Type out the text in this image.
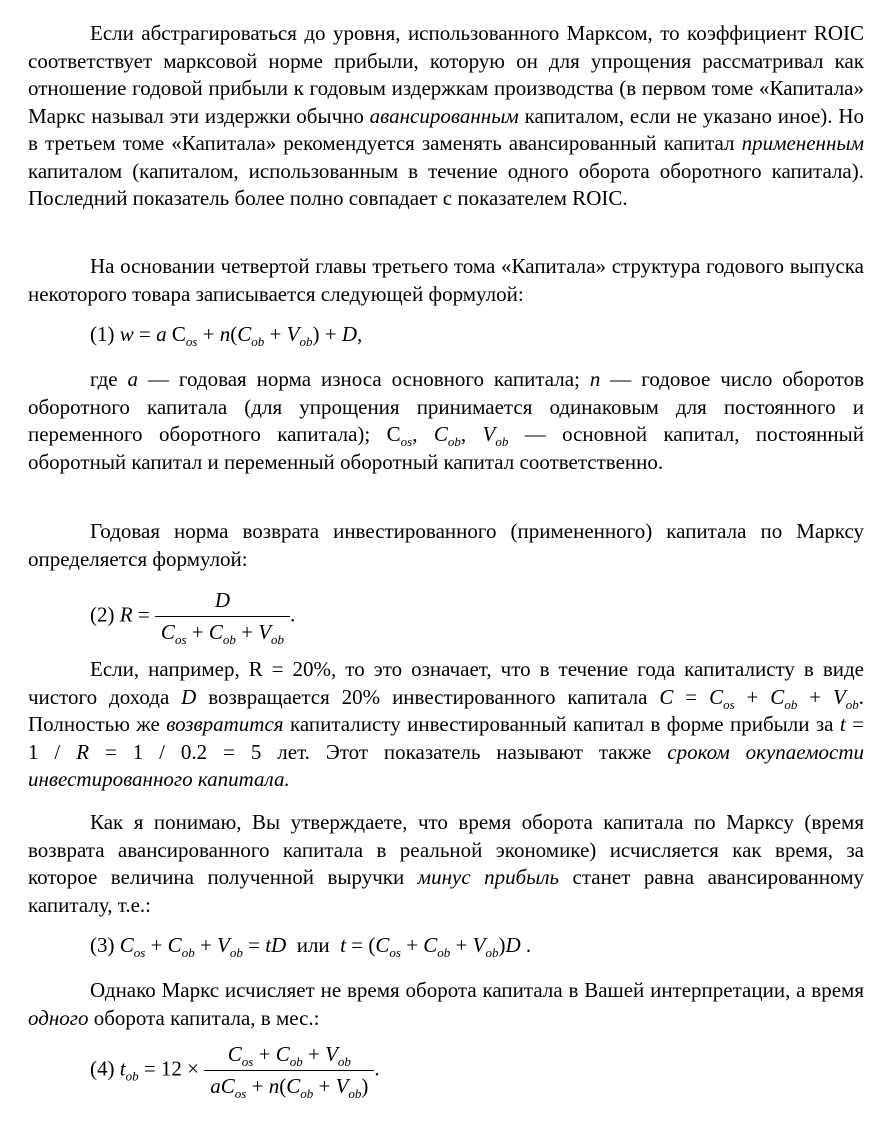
Если абстрагироваться до уровня, использованного Марксом, то коэффициент ROIC соответствует марксовой норме прибыли, которую он для упрощения рассматривал как отношение годовой прибыли к годовым издержкам производства (в первом томе «Капитала» Маркс называл эти издержки обычно авансированным капиталом, если не указано иное). Но в третьем томе «Капитала» рекомендуется заменять авансированный капитал примененным капиталом (капиталом, использованным в течение одного оборота оборотного капитала). Последний показатель более полно совпадает с показателем ROIC.

На основании четвертой главы третьего тома «Капитала» структура годового выпуска некоторого товара записывается следующей формулой:

(1) w = a $C_{os} + n(C_{ob} + V_{ob}) + D$,

где a — годовая норма износа основного капитала; n — годовое число оборотов оборотного капитала (для упрощения принимается одинаковым для постоянного и переменного оборотного капитала); $C_{os}$, $C_{ob}$, $V_{ob}$ — основной капитал, постоянный оборотный капитал и переменный оборотный капитал соответственно.

Годовая норма возврата инвестированного (примененного) капитала по Марксу определяется формулой:

(2) $R = \frac{D}{C_{os} + C_{ob} + V_{ob}}$ .

Если, например, R = 20%, то это означает, что в течение года капиталисту в виде чистого дохода D возвращается 20% инвестированного капитала $C = C_{os} + C_{ob} + V_{ob}$. Полностью же возвратится капиталисту инвестированный капитал в форме прибыли за t = 1 / R = 1 / 0.2 = 5 лет. Этот показатель называют также сроком окупаемости инвестированного капитала.

Как я понимаю, Вы утверждаете, что время оборота капитала по Марксу (время возврата авансированного капитала в реальной экономике) исчисляется как время, за которое величина полученной выручки минус прибыль станет равна авансированному капиталу, т.е.:

(3) $C_{os} + C_{ob} + V_{ob}$ = tD или $t = (C_{os} + C_{ob} + V_{ob})D$ .

Однако Маркс исчисляет не время оборота капитала в Вашей интерпретации, а время одного оборота капитала, в мес.:

(4) $t_{ob} = 12 \times \frac{C_{os} + C_{ob} + V_{ob}}{aC_{os} + n(C_{ob} + V_{ob})}$ .
